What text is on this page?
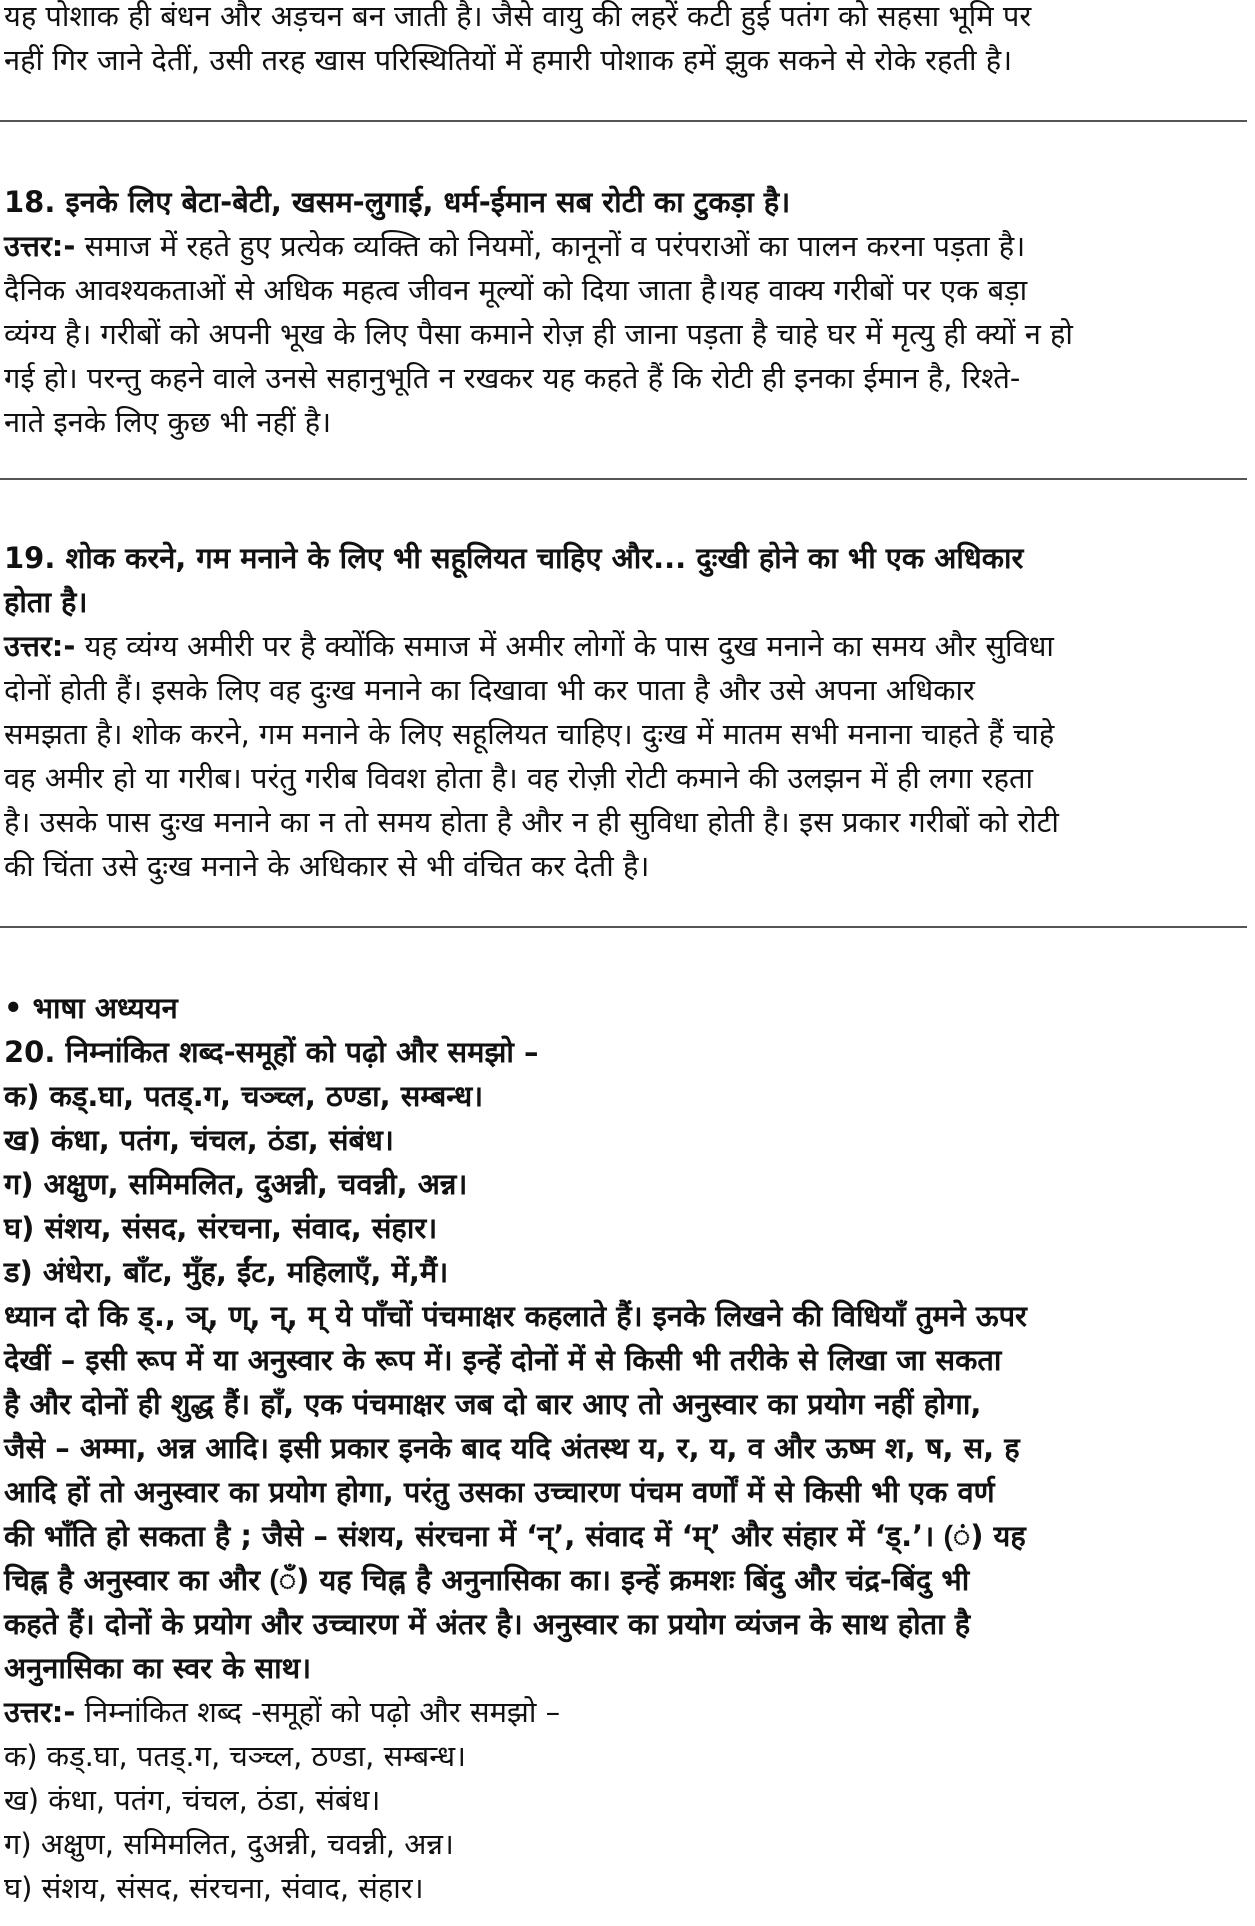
यह पोशाक ही बंधन और अड़चन बन जाती है। जैसे वायु की लहरें कटी हुई पतंग को सहसा भूमि पर
नहीं गिर जाने देतीं, उसी तरह खास परिस्थितियों में हमारी पोशाक हमें झुक सकने से रोके रहती है।
18. इनके लिए बेटा-बेटी, खसम-लुगाई, धर्म-ईमान सब रोटी का टुकड़ा है।
उत्तर:- समाज में रहते हुए प्रत्येक व्यक्ति को नियमों, कानूनों व परंपराओं का पालन करना पड़ता है।
दैनिक आवश्यकताओं से अधिक महत्व जीवन मूल्यों को दिया जाता है।यह वाक्य गरीबों पर एक बड़ा
व्यंग्य है। गरीबों को अपनी भूख के लिए पैसा कमाने रोज़ ही जाना पड़ता है चाहे घर में मृत्यु ही क्यों न हो
गई हो। परन्तु कहने वाले उनसे सहानुभूति न रखकर यह कहते हैं कि रोटी ही इनका ईमान है, रिश्ते-
नाते इनके लिए कुछ भी नहीं है।
19. शोक करने, गम मनाने के लिए भी सहूलियत चाहिए और... दुःखी होने का भी एक अधिकार
होता है।
उत्तर:- यह व्यंग्य अमीरी पर है क्योंकि समाज में अमीर लोगों के पास दुख मनाने का समय और सुविधा
दोनों होती हैं। इसके लिए वह दुःख मनाने का दिखावा भी कर पाता है और उसे अपना अधिकार
समझता है। शोक करने, गम मनाने के लिए सहूलियत चाहिए। दुःख में मातम सभी मनाना चाहते हैं चाहे
वह अमीर हो या गरीब। परंतु गरीब विवश होता है। वह रोज़ी रोटी कमाने की उलझन में ही लगा रहता
है। उसके पास दुःख मनाने का न तो समय होता है और न ही सुविधा होती है। इस प्रकार गरीबों को रोटी
की चिंता उसे दुःख मनाने के अधिकार से भी वंचित कर देती है।
• भाषा अध्ययन
20. निम्नांकित शब्द-समूहों को पढ़ो और समझो –
क) कड्.घा, पतड्.ग, चञ्च्ल, ठण्डा, सम्बन्ध।
ख) कंधा, पतंग, चंचल, ठंडा, संबंध।
ग) अक्षुण, समिमलित, दुअन्नी, चवन्नी, अन्न।
घ) संशय, संसद, संरचना, संवाद, संहार।
ड) अंधेरा, बाँट, मुँह, ईंट, महिलाएँ, में,मैं।
ध्यान दो कि ड्., ञ्, ण्, न्, म् ये पाँचों पंचमाक्षर कहलाते हैं। इनके लिखने की विधियाँ तुमने ऊपर
देखीं – इसी रूप में या अनुस्वार के रूप में। इन्हें दोनों में से किसी भी तरीके से लिखा जा सकता
है और दोनों ही शुद्ध हैं। हाँ, एक पंचमाक्षर जब दो बार आए तो अनुस्वार का प्रयोग नहीं होगा,
जैसे – अम्मा, अन्न आदि। इसी प्रकार इनके बाद यदि अंतस्थ य, र, य, व और ऊष्म श, ष, स, ह
आदि हों तो अनुस्वार का प्रयोग होगा, परंतु उसका उच्चारण पंचम वर्णों में से किसी भी एक वर्ण
की भाँति हो सकता है ; जैसे – संशय, संरचना में ‘न्’, संवाद में ‘म्’ और संहार में ‘ड्.’। (ं) यह
चिह्न है अनुस्वार का और (ँ) यह चिह्न है अनुनासिका का। इन्हें क्रमशः बिंदु और चंद्र-बिंदु भी
कहते हैं। दोनों के प्रयोग और उच्चारण में अंतर है। अनुस्वार का प्रयोग व्यंजन के साथ होता है
अनुनासिका का स्वर के साथ।
उत्तर:- निम्नांकित शब्द -समूहों को पढ़ो और समझो –
क) कड्.घा, पतड्.ग, चञ्च्ल, ठण्डा, सम्बन्ध।
ख) कंधा, पतंग, चंचल, ठंडा, संबंध।
ग) अक्षुण, समिमलित, दुअन्नी, चवन्नी, अन्न।
घ) संशय, संसद, संरचना, संवाद, संहार।
